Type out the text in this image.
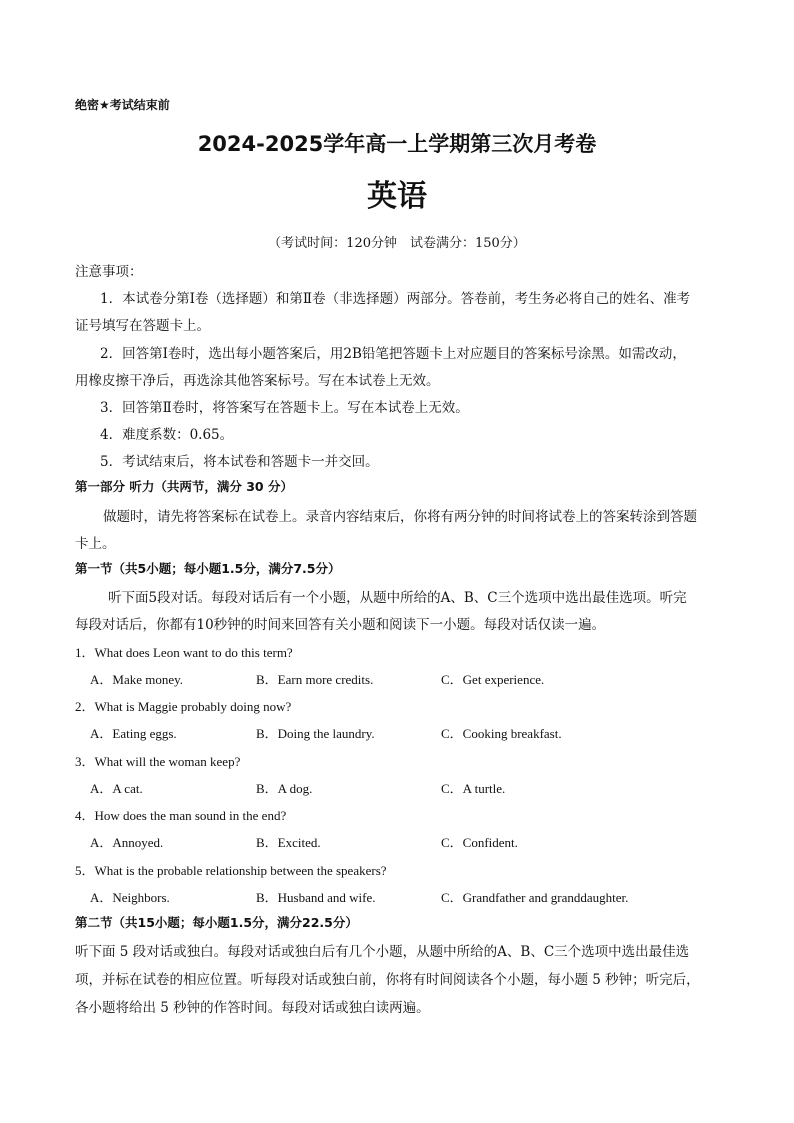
绝密★考试结束前
2024-2025学年高一上学期第三次月考卷
英语
（考试时间：120分钟　试卷满分：150分）
注意事项：
1．本试卷分第Ⅰ卷（选择题）和第Ⅱ卷（非选择题）两部分。答卷前，考生务必将自己的姓名、准考
证号填写在答题卡上。
2．回答第Ⅰ卷时，选出每小题答案后，用2B铅笔把答题卡上对应题目的答案标号涂黑。如需改动，
用橡皮擦干净后，再选涂其他答案标号。写在本试卷上无效。
3．回答第Ⅱ卷时，将答案写在答题卡上。写在本试卷上无效。
4．难度系数：0.65。
5．考试结束后，将本试卷和答题卡一并交回。
第一部分 听力（共两节，满分 30 分）
做题时，请先将答案标在试卷上。录音内容结束后，你将有两分钟的时间将试卷上的答案转涂到答题
卡上。
第一节（共5小题；每小题1.5分，满分7.5分）
听下面5段对话。每段对话后有一个小题，从题中所给的A、B、C三个选项中选出最佳选项。听完
每段对话后，你都有10秒钟的时间来回答有关小题和阅读下一小题。每段对话仅读一遍。
1．What does Leon want to do this term?
A．Make money.	B．Earn more credits.	C．Get experience.
2．What is Maggie probably doing now?
A．Eating eggs.	B．Doing the laundry.	C．Cooking breakfast.
3．What will the woman keep?
A．A cat.	B．A dog.	C．A turtle.
4．How does the man sound in the end?
A．Annoyed.	B．Excited.	C．Confident.
5．What is the probable relationship between the speakers?
A．Neighbors.	B．Husband and wife.	C．Grandfather and granddaughter.
第二节（共15小题；每小题1.5分，满分22.5分）
听下面 5 段对话或独白。每段对话或独白后有几个小题，从题中所给的A、B、C三个选项中选出最佳选
项，并标在试卷的相应位置。听每段对话或独白前，你将有时间阅读各个小题，每小题 5 秒钟；听完后，
各小题将给出 5 秒钟的作答时间。每段对话或独白读两遍。
